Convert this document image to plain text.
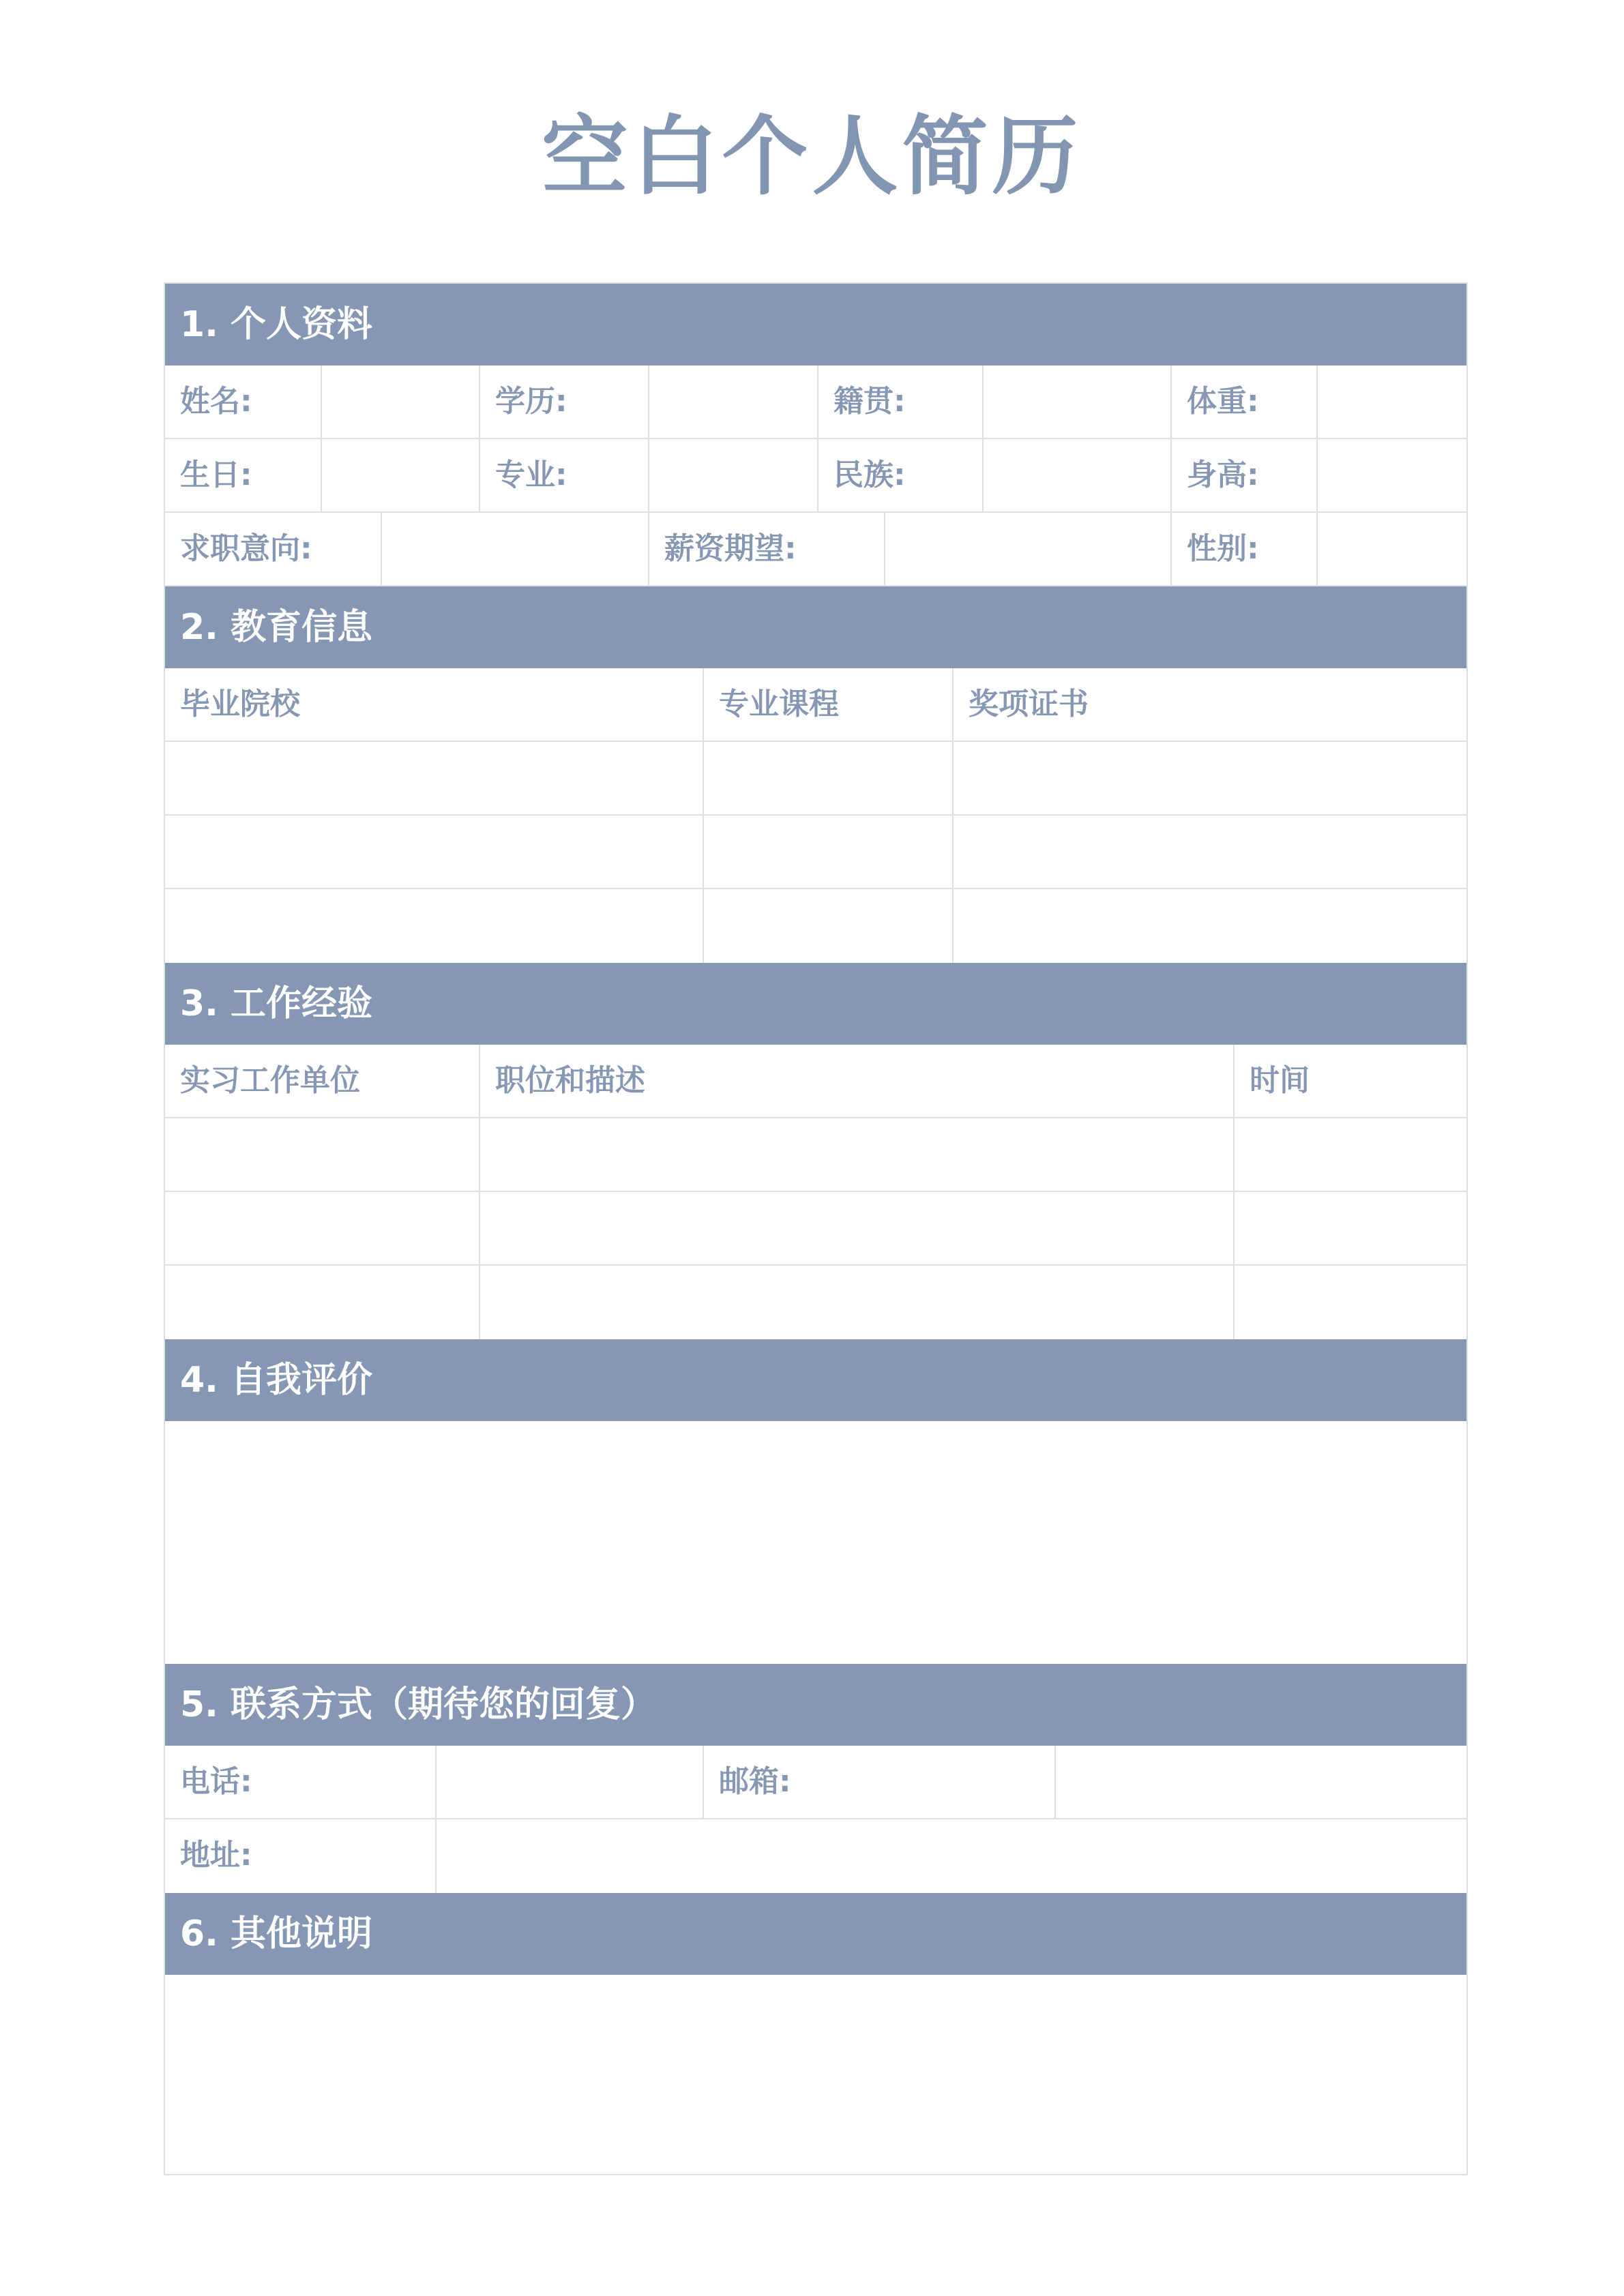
空白个人简历
1. 个人资料
姓名:	学历:	籍贯:	体重:
生日:	专业:	民族:	身高:
求职意向:	薪资期望:	性别:
2. 教育信息
毕业院校	专业课程	奖项证书
3. 工作经验
实习工作单位	职位和描述	时间
4. 自我评价
5. 联系方式（期待您的回复）
电话:	邮箱:
地址:
6. 其他说明
